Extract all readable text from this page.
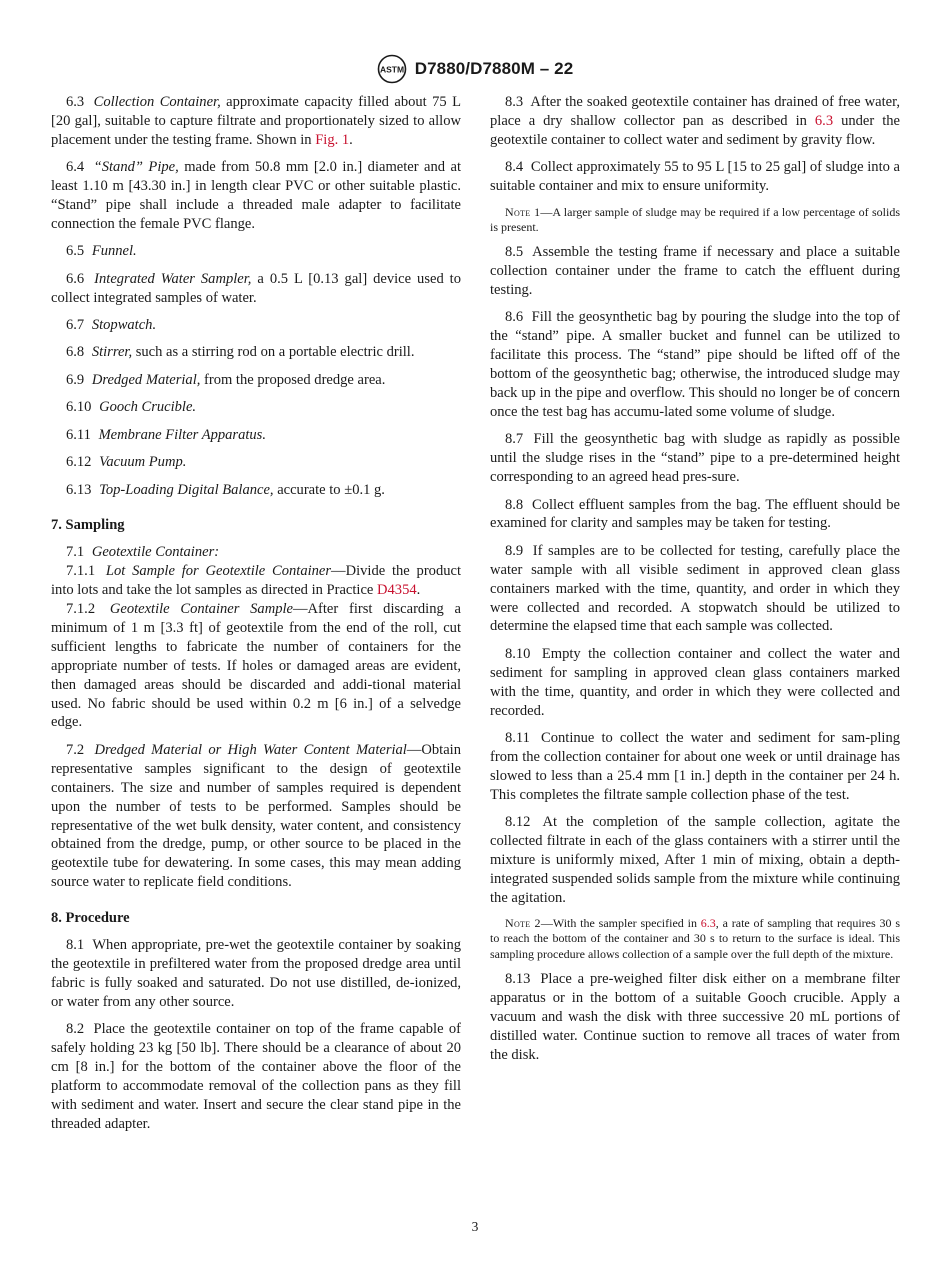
ASTM D7880/D7880M – 22

6.3 Collection Container, approximate capacity filled about 75 L [20 gal], suitable to capture filtrate and proportionately sized to allow placement under the testing frame. Shown in Fig. 1.

6.4 “Stand” Pipe, made from 50.8 mm [2.0 in.] diameter and at least 1.10 m [43.30 in.] in length clear PVC or other suitable plastic. “Stand” pipe shall include a threaded male adapter to facilitate connection the female PVC flange.

6.5 Funnel.

6.6 Integrated Water Sampler, a 0.5 L [0.13 gal] device used to collect integrated samples of water.

6.7 Stopwatch.

6.8 Stirrer, such as a stirring rod on a portable electric drill.

6.9 Dredged Material, from the proposed dredge area.

6.10 Gooch Crucible.

6.11 Membrane Filter Apparatus.

6.12 Vacuum Pump.

6.13 Top-Loading Digital Balance, accurate to ±0.1 g.

7. Sampling

7.1 Geotextile Container:

7.1.1 Lot Sample for Geotextile Container—Divide the product into lots and take the lot samples as directed in Practice D4354.

7.1.2 Geotextile Container Sample—After first discarding a minimum of 1 m [3.3 ft] of geotextile from the end of the roll, cut sufficient lengths to fabricate the number of containers for the appropriate number of tests. If holes or damaged areas are evident, then damaged areas should be discarded and addi-tional material used. No fabric should be used within 0.2 m [6 in.] of a selvedge edge.

7.2 Dredged Material or High Water Content Material—Obtain representative samples significant to the design of geotextile containers. The size and number of samples required is dependent upon the number of tests to be performed. Samples should be representative of the wet bulk density, water content, and consistency obtained from the dredge, pump, or other source to be placed in the geotextile tube for dewatering. In some cases, this may mean adding source water to replicate field conditions.

8. Procedure

8.1 When appropriate, pre-wet the geotextile container by soaking the geotextile in prefiltered water from the proposed dredge area until fabric is fully soaked and saturated. Do not use distilled, de-ionized, or water from any other source.

8.2 Place the geotextile container on top of the frame capable of safely holding 23 kg [50 lb]. There should be a clearance of about 20 cm [8 in.] for the bottom of the container above the floor of the platform to accommodate removal of the collection pans as they fill with sediment and water. Insert and secure the clear stand pipe in the threaded adapter.

8.3 After the soaked geotextile container has drained of free water, place a dry shallow collector pan as described in 6.3 under the geotextile container to collect water and sediment by gravity flow.

8.4 Collect approximately 55 to 95 L [15 to 25 gal] of sludge into a suitable container and mix to ensure uniformity.

Note 1—A larger sample of sludge may be required if a low percentage of solids is present.

8.5 Assemble the testing frame if necessary and place a suitable collection container under the frame to catch the effluent during testing.

8.6 Fill the geosynthetic bag by pouring the sludge into the top of the “stand” pipe. A smaller bucket and funnel can be utilized to facilitate this process. The “stand” pipe should be lifted off of the bottom of the geosynthetic bag; otherwise, the introduced sludge may back up in the pipe and overflow. This should no longer be of concern once the test bag has accumu-lated some volume of sludge.

8.7 Fill the geosynthetic bag with sludge as rapidly as possible until the sludge rises in the “stand” pipe to a pre-determined height corresponding to an agreed head pres-sure.

8.8 Collect effluent samples from the bag. The effluent should be examined for clarity and samples may be taken for testing.

8.9 If samples are to be collected for testing, carefully place the water sample with all visible sediment in approved clean glass containers marked with the time, quantity, and order in which they were collected and recorded. A stopwatch should be utilized to determine the elapsed time that each sample was collected.

8.10 Empty the collection container and collect the water and sediment for sampling in approved clean glass containers marked with the time, quantity, and order in which they were collected and recorded.

8.11 Continue to collect the water and sediment for sam-pling from the collection container for about one week or until drainage has slowed to less than a 25.4 mm [1 in.] depth in the container per 24 h. This completes the filtrate sample collection phase of the test.

8.12 At the completion of the sample collection, agitate the collected filtrate in each of the glass containers with a stirrer until the mixture is uniformly mixed, After 1 min of mixing, obtain a depth-integrated suspended solids sample from the mixture while continuing the agitation.

Note 2—With the sampler specified in 6.3, a rate of sampling that requires 30 s to reach the bottom of the container and 30 s to return to the surface is ideal. This sampling procedure allows collection of a sample over the full depth of the mixture.

8.13 Place a pre-weighed filter disk either on a membrane filter apparatus or in the bottom of a suitable Gooch crucible. Apply a vacuum and wash the disk with three successive 20 mL portions of distilled water. Continue suction to remove all traces of water from the disk.

3
